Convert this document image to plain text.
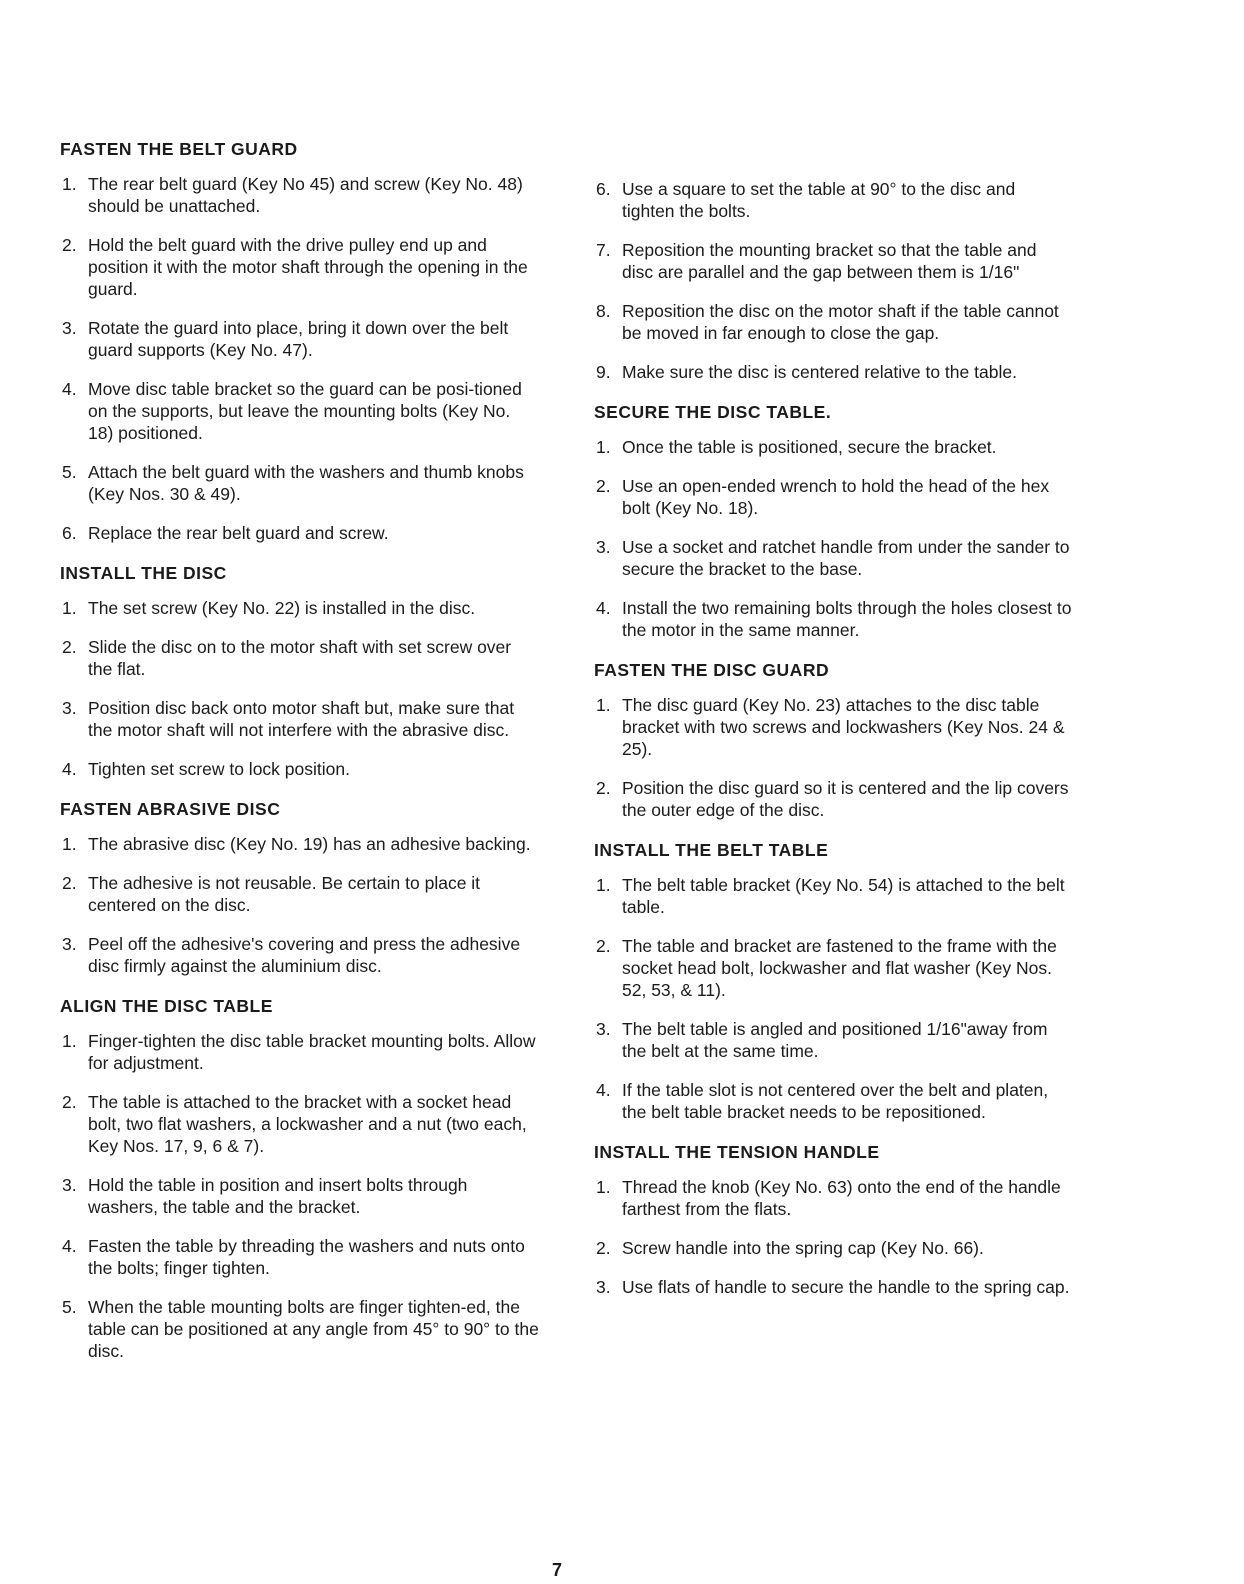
FASTEN THE BELT GUARD
1. The rear belt guard (Key No 45) and screw (Key No. 48) should be unattached.
2. Hold the belt guard with the drive pulley end up and position it with the motor shaft through the opening in the guard.
3. Rotate the guard into place, bring it down over the belt guard supports (Key No. 47).
4. Move disc table bracket so the guard can be posi-tioned on the supports, but leave the mounting bolts (Key No. 18) positioned.
5. Attach the belt guard with the washers and thumb knobs (Key Nos. 30 & 49).
6. Replace the rear belt guard and screw.
INSTALL THE DISC
1. The set screw (Key No. 22) is installed in the disc.
2. Slide the disc on to the motor shaft with set screw over the flat.
3. Position disc back onto motor shaft but, make sure that the motor shaft will not interfere with the abrasive disc.
4. Tighten set screw to lock position.
FASTEN ABRASIVE DISC
1. The abrasive disc (Key No. 19) has an adhesive backing.
2. The adhesive is not reusable. Be certain to place it centered on the disc.
3. Peel off the adhesive's covering and press the adhesive disc firmly against the aluminium disc.
ALIGN THE DISC TABLE
1. Finger-tighten the disc table bracket mounting bolts. Allow for adjustment.
2. The table is attached to the bracket with a socket head bolt, two flat washers, a lockwasher and a nut (two each, Key Nos. 17, 9, 6 & 7).
3. Hold the table in position and insert bolts through washers, the table and the bracket.
4. Fasten the table by threading the washers and nuts onto the bolts; finger tighten.
5. When the table mounting bolts are finger tighten-ed, the table can be positioned at any angle from 45° to 90° to the disc.
6. Use a square to set the table at 90° to the disc and tighten the bolts.
7. Reposition the mounting bracket so that the table and disc are parallel and the gap between them is 1/16"
8. Reposition the disc on the motor shaft if the table cannot be moved in far enough to close the gap.
9. Make sure the disc is centered relative to the table.
SECURE THE DISC TABLE.
1. Once the table is positioned, secure the bracket.
2. Use an open-ended wrench to hold the head of the hex bolt (Key No. 18).
3. Use a socket and ratchet handle from under the sander to secure the bracket to the base.
4. Install the two remaining bolts through the holes closest to the motor in the same manner.
FASTEN THE DISC GUARD
1. The disc guard (Key No. 23) attaches to the disc table bracket with two screws and lockwashers (Key Nos. 24 & 25).
2. Position the disc guard so it is centered and the lip covers the outer edge of the disc.
INSTALL THE BELT TABLE
1. The belt table bracket (Key No. 54) is attached to the belt table.
2. The table and bracket are fastened to the frame with the socket head bolt, lockwasher and flat washer (Key Nos. 52, 53, & 11).
3. The belt table is angled and positioned 1/16"away from the belt at the same time.
4. If the table slot is not centered over the belt and platen, the belt table bracket needs to be repositioned.
INSTALL THE TENSION HANDLE
1. Thread the knob (Key No. 63) onto the end of the handle farthest from the flats.
2. Screw handle into the spring cap (Key No. 66).
3. Use flats of handle to secure the handle to the spring cap.
7
